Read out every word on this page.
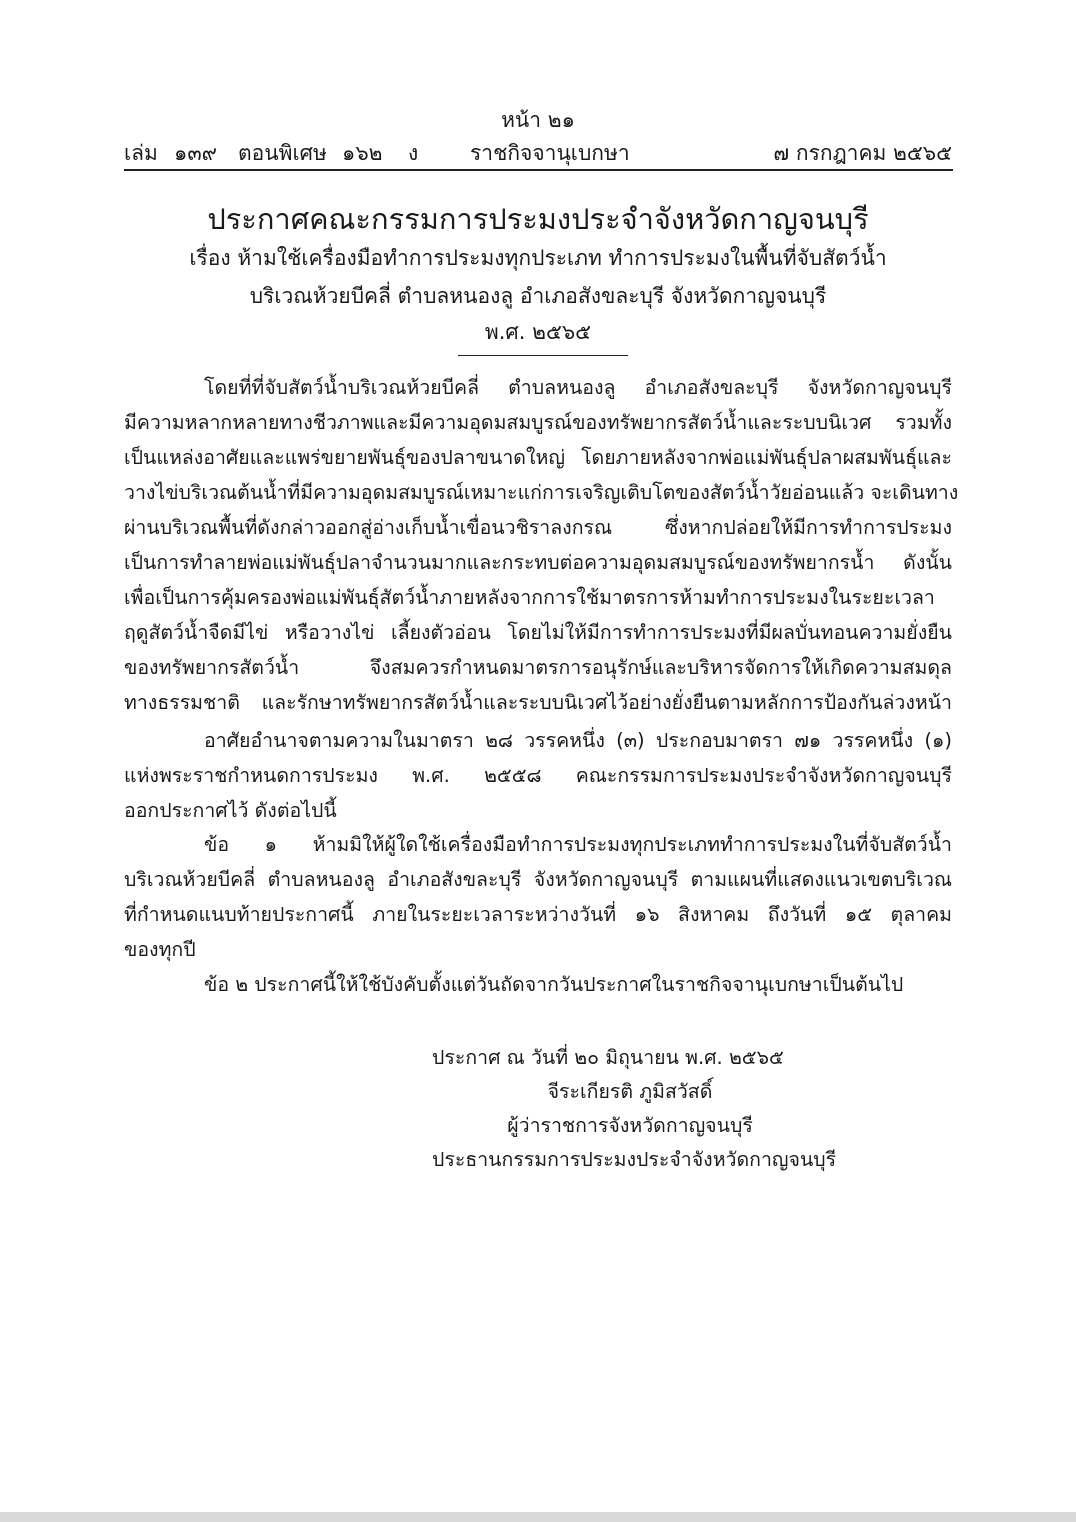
หน้า ๒๑
เล่ม ๑๓๙ ตอนพิเศษ ๑๖๒ ง ราชกิจจานุเบกษา	๗ กรกฎาคม ๒๕๖๕
ประกาศคณะกรรมการประมงประจำจังหวัดกาญจนบุรี
เรื่อง ห้ามใช้เครื่องมือทำการประมงทุกประเภท ทำการประมงในพื้นที่จับสัตว์น้ำ
บริเวณห้วยบีคลี่ ตำบลหนองลู อำเภอสังขละบุรี จังหวัดกาญจนบุรี
พ.ศ. ๒๕๖๕
โดยที่ที่จับสัตว์น้ำบริเวณห้วยบีคลี่ ตำบลหนองลู อำเภอสังขละบุรี จังหวัดกาญจนบุรี
มีความหลากหลายทางชีวภาพและมีความอุดมสมบูรณ์ของทรัพยากรสัตว์น้ำและระบบนิเวศ รวมทั้ง
เป็นแหล่งอาศัยและแพร่ขยายพันธุ์ของปลาขนาดใหญ่ โดยภายหลังจากพ่อแม่พันธุ์ปลาผสมพันธุ์และ
วางไข่บริเวณต้นน้ำที่มีความอุดมสมบูรณ์เหมาะแก่การเจริญเติบโตของสัตว์น้ำวัยอ่อนแล้ว จะเดินทาง
ผ่านบริเวณพื้นที่ดังกล่าวออกสู่อ่างเก็บน้ำเขื่อนวชิราลงกรณ ซึ่งหากปล่อยให้มีการทำการประมง
เป็นการทำลายพ่อแม่พันธุ์ปลาจำนวนมากและกระทบต่อความอุดมสมบูรณ์ของทรัพยากรน้ำ ดังนั้น
เพื่อเป็นการคุ้มครองพ่อแม่พันธุ์สัตว์น้ำภายหลังจากการใช้มาตรการห้ามทำการประมงในระยะเวลา
ฤดูสัตว์น้ำจืดมีไข่ หรือวางไข่ เลี้ยงตัวอ่อน โดยไม่ให้มีการทำการประมงที่มีผลบั่นทอนความยั่งยืน
ของทรัพยากรสัตว์น้ำ จึงสมควรกำหนดมาตรการอนุรักษ์และบริหารจัดการให้เกิดความสมดุล
ทางธรรมชาติ และรักษาทรัพยากรสัตว์น้ำและระบบนิเวศไว้อย่างยั่งยืนตามหลักการป้องกันล่วงหน้า
อาศัยอำนาจตามความในมาตรา ๒๘ วรรคหนึ่ง (๓) ประกอบมาตรา ๗๑ วรรคหนึ่ง (๑)
แห่งพระราชกำหนดการประมง พ.ศ. ๒๕๕๘ คณะกรรมการประมงประจำจังหวัดกาญจนบุรี
ออกประกาศไว้ ดังต่อไปนี้
ข้อ ๑ ห้ามมิให้ผู้ใดใช้เครื่องมือทำการประมงทุกประเภททำการประมงในที่จับสัตว์น้ำ
บริเวณห้วยบีคลี่ ตำบลหนองลู อำเภอสังขละบุรี จังหวัดกาญจนบุรี ตามแผนที่แสดงแนวเขตบริเวณ
ที่กำหนดแนบท้ายประกาศนี้ ภายในระยะเวลาระหว่างวันที่ ๑๖ สิงหาคม ถึงวันที่ ๑๕ ตุลาคม
ของทุกปี
ข้อ ๒ ประกาศนี้ให้ใช้บังคับตั้งแต่วันถัดจากวันประกาศในราชกิจจานุเบกษาเป็นต้นไป
ประกาศ ณ วันที่ ๒๐ มิถุนายน พ.ศ. ๒๕๖๕
จีระเกียรติ ภูมิสวัสดิ์
ผู้ว่าราชการจังหวัดกาญจนบุรี
ประธานกรรมการประมงประจำจังหวัดกาญจนบุรี
